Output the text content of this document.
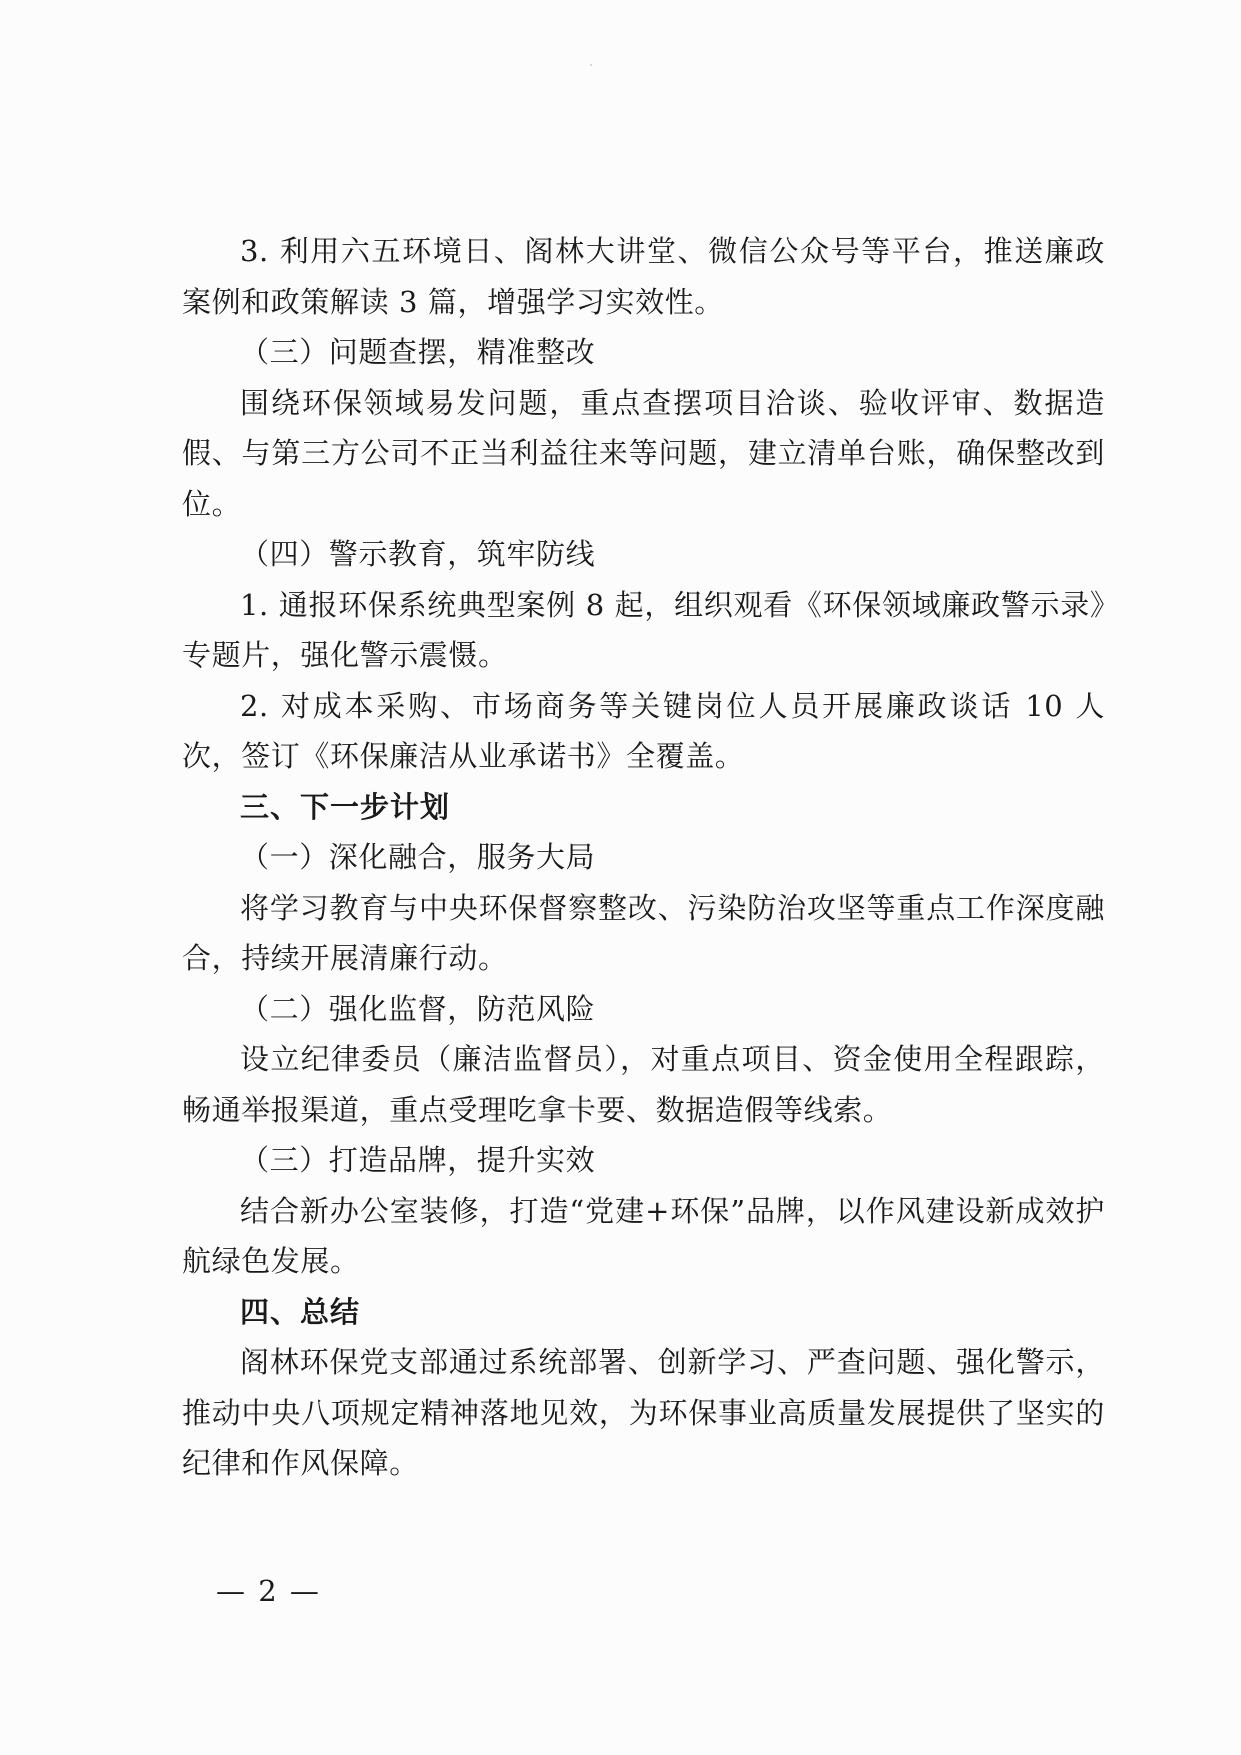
3. 利用六五环境日、阁林大讲堂、微信公众号等平台，推送廉政案例和政策解读 3 篇，增强学习实效性。

（三）问题查摆，精准整改

围绕环保领域易发问题，重点查摆项目洽谈、验收评审、数据造假、与第三方公司不正当利益往来等问题，建立清单台账，确保整改到位。

（四）警示教育，筑牢防线

1. 通报环保系统典型案例 8 起，组织观看《环保领域廉政警示录》专题片，强化警示震慑。

2. 对成本采购、市场商务等关键岗位人员开展廉政谈话 10 人次，签订《环保廉洁从业承诺书》全覆盖。

三、下一步计划

（一）深化融合，服务大局

将学习教育与中央环保督察整改、污染防治攻坚等重点工作深度融合，持续开展清廉行动。

（二）强化监督，防范风险

设立纪律委员（廉洁监督员），对重点项目、资金使用全程跟踪，畅通举报渠道，重点受理吃拿卡要、数据造假等线索。

（三）打造品牌，提升实效

结合新办公室装修，打造“党建+环保”品牌，以作风建设新成效护航绿色发展。

四、总结

阁林环保党支部通过系统部署、创新学习、严查问题、强化警示，推动中央八项规定精神落地见效，为环保事业高质量发展提供了坚实的纪律和作风保障。

— 2 —
